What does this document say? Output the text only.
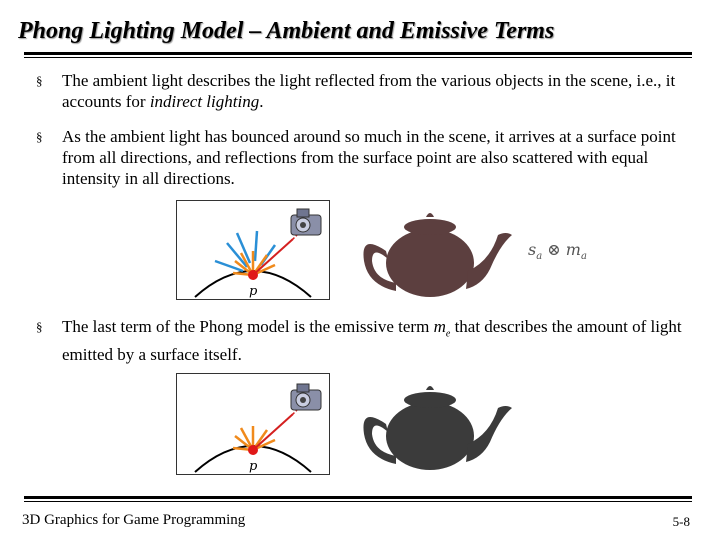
Phong Lighting Model – Ambient and Emissive Terms
§ The ambient light describes the light reflected from the various objects in the scene, i.e., it accounts for indirect lighting.
§ As the ambient light has bounced around so much in the scene, it arrives at a surface point from all directions, and reflections from the surface point are also scattered with equal intensity in all directions.
p
$s_a$ ⊗ $m_a$
§ The last term of the Phong model is the emissive term $m_e$ that describes the amount of light emitted by a surface itself.
p
3D Graphics for Game Programming	5-8
